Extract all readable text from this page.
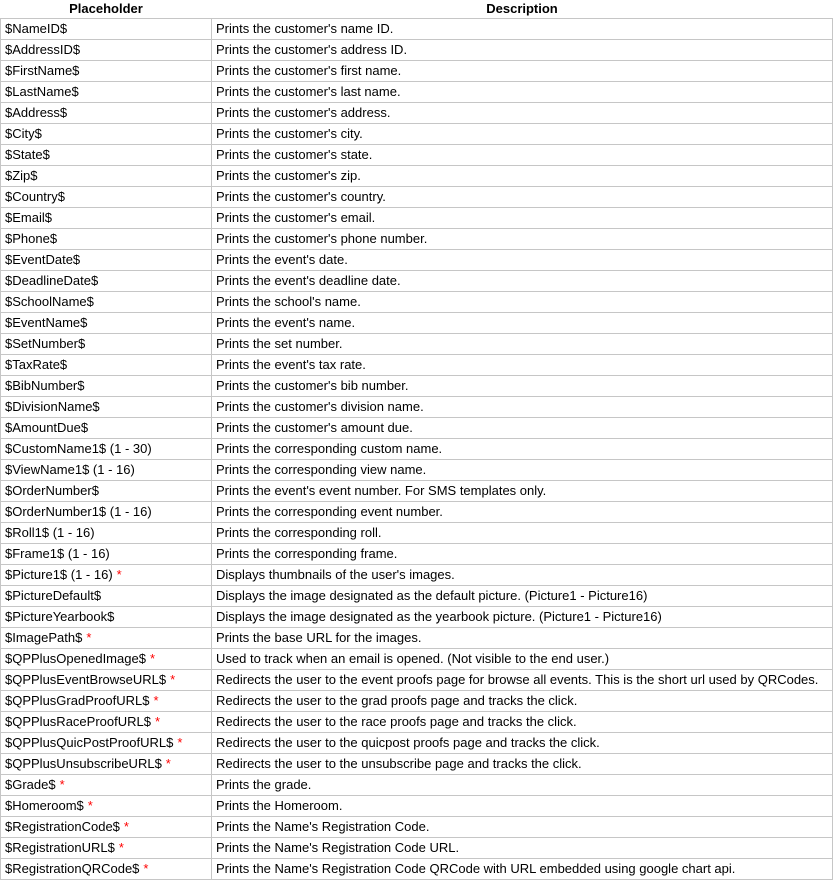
Placeholder	Description
$NameID$	Prints the customer's name ID.
$AddressID$	Prints the customer's address ID.
$FirstName$	Prints the customer's first name.
$LastName$	Prints the customer's last name.
$Address$	Prints the customer's address.
$City$	Prints the customer's city.
$State$	Prints the customer's state.
$Zip$	Prints the customer's zip.
$Country$	Prints the customer's country.
$Email$	Prints the customer's email.
$Phone$	Prints the customer's phone number.
$EventDate$	Prints the event's date.
$DeadlineDate$	Prints the event's deadline date.
$SchoolName$	Prints the school's name.
$EventName$	Prints the event's name.
$SetNumber$	Prints the set number.
$TaxRate$	Prints the event's tax rate.
$BibNumber$	Prints the customer's bib number.
$DivisionName$	Prints the customer's division name.
$AmountDue$	Prints the customer's amount due.
$CustomName1$ (1 - 30)	Prints the corresponding custom name.
$ViewName1$ (1 - 16)	Prints the corresponding view name.
$OrderNumber$	Prints the event's event number. For SMS templates only.
$OrderNumber1$ (1 - 16)	Prints the corresponding event number.
$Roll1$ (1 - 16)	Prints the corresponding roll.
$Frame1$ (1 - 16)	Prints the corresponding frame.
$Picture1$ (1 - 16) *	Displays thumbnails of the user's images.
$PictureDefault$	Displays the image designated as the default picture. (Picture1 - Picture16)
$PictureYearbook$	Displays the image designated as the yearbook picture. (Picture1 - Picture16)
$ImagePath$ *	Prints the base URL for the images.
$QPPlusOpenedImage$ *	Used to track when an email is opened. (Not visible to the end user.)
$QPPlusEventBrowseURL$ *	Redirects the user to the event proofs page for browse all events. This is the short url used by QRCodes.
$QPPlusGradProofURL$ *	Redirects the user to the grad proofs page and tracks the click.
$QPPlusRaceProofURL$ *	Redirects the user to the race proofs page and tracks the click.
$QPPlusQuicPostProofURL$ *	Redirects the user to the quicpost proofs page and tracks the click.
$QPPlusUnsubscribeURL$ *	Redirects the user to the unsubscribe page and tracks the click.
$Grade$ *	Prints the grade.
$Homeroom$ *	Prints the Homeroom.
$RegistrationCode$ *	Prints the Name's Registration Code.
$RegistrationURL$ *	Prints the Name's Registration Code URL.
$RegistrationQRCode$ *	Prints the Name's Registration Code QRCode with URL embedded using google chart api.
